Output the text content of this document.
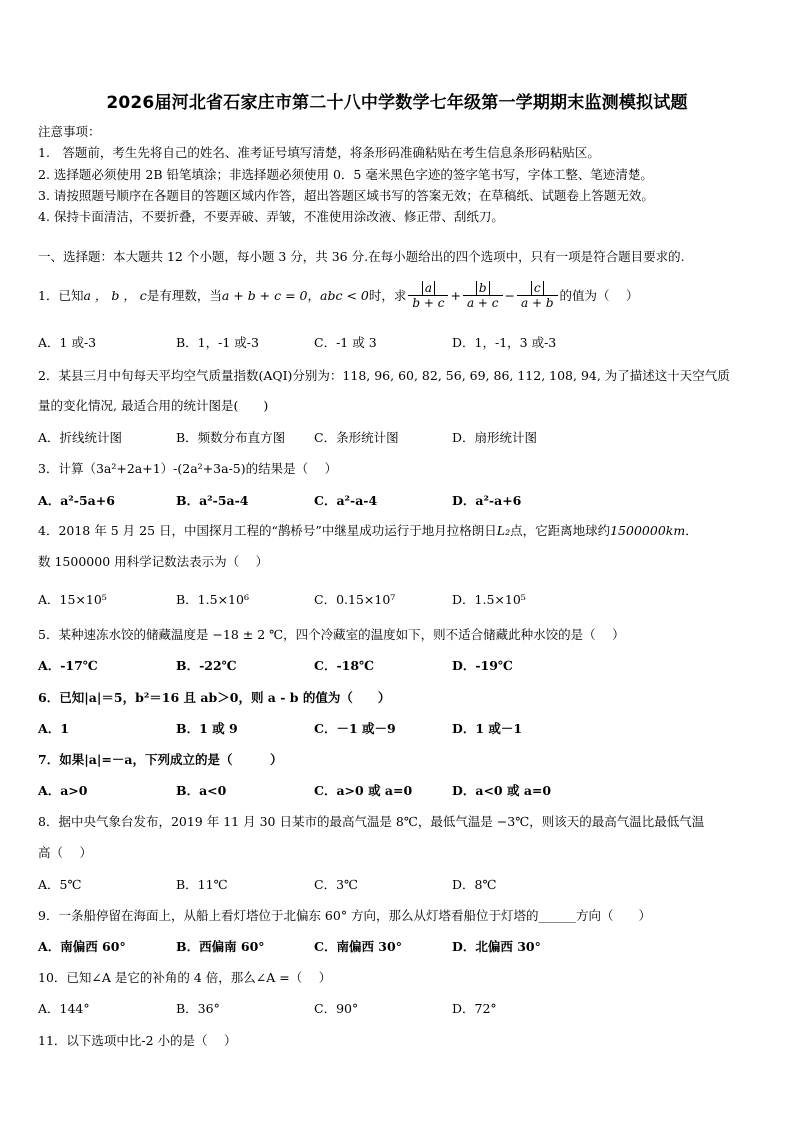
2026届河北省石家庄市第二十八中学数学七年级第一学期期末监测模拟试题
注意事项：
1.　答题前，考生先将自己的姓名、准考证号填写清楚，将条形码准确粘贴在考生信息条形码粘贴区。
2. 选择题必须使用 2B 铅笔填涂；非选择题必须使用 0．5 毫米黑色字迹的签字笔书写，字体工整、笔迹清楚。
3. 请按照题号顺序在各题目的答题区域内作答，超出答题区域书写的答案无效；在草稿纸、试题卷上答题无效。
4. 保持卡面清洁，不要折叠，不要弄破、弄皱，不准使用涂改液、修正带、刮纸刀。
一、选择题：本大题共 12 个小题，每小题 3 分，共 36 分.在每小题给出的四个选项中，只有一项是符合题目要求的.
1．已知 a ， b ， c 是有理数，当 a + b + c = 0 ， abc < 0 时，求 $\frac{a}{b + c} + \frac{b}{a + c} - \frac{c}{a + b}$ 的值为（　 ）
A．1 或-3	B．1，-1 或-3	C．-1 或 3	D．1，-1，3 或-3
2．某县三月中旬每天平均空气质量指数(AQI)分别为：118, 96, 60, 82, 56, 69, 86, 112, 108, 94, 为了描述这十天空气质
量的变化情况, 最适合用的统计图是(　　)
A．折线统计图	B．频数分布直方图 C．条形统计图	D．扇形统计图
3．计算（3a²+2a+1）-(2a²+3a-5)的结果是（　 ）
A．a²-5a+6	B．a²-5a-4	C．a²-a-4	D．a²-a+6
4．2018 年 5 月 25 日，中国探月工程的“鹊桥号”中继星成功运行于地月拉格朗日L₂点，它距离地球约1500000km．
数 1500000 用科学记数法表示为（　 ）
A．15×10⁵	B．1.5×10⁶	C．0.15×10⁷	D．1.5×10⁵
5．某种速冻水饺的储藏温度是 −18 ± 2 ℃，四个冷藏室的温度如下，则不适合储藏此种水饺的是（　 ）
A．-17℃	B．-22℃	C．-18℃	D．-19℃
6．已知|a|＝5，b²＝16 且 ab＞0，则 a - b 的值为（　　）
A．1	B．1 或 9	C．－1 或－9	D．1 或－1
7．如果|a|=－a，下列成立的是（　　　）
A．a>0	B．a<0	C．a>0 或 a=0	D．a<0 或 a=0
8．据中央气象台发布，2019 年 11 月 30 日某市的最高气温是 8℃，最低气温是 −3℃，则该天的最高气温比最低气温
高（　 ）
A．5℃	B．11℃	C．3℃	D．8℃
9．一条船停留在海面上，从船上看灯塔位于北偏东 60° 方向，那么从灯塔看船位于灯塔的______方向（　　）
A．南偏西 60°	B．西偏南 60°	C．南偏西 30°	D．北偏西 30°
10．已知∠A 是它的补角的 4 倍，那么∠A =（　 ）
A．144°	B．36°	C．90°	D．72°
11．以下选项中比-2 小的是（　 ）
